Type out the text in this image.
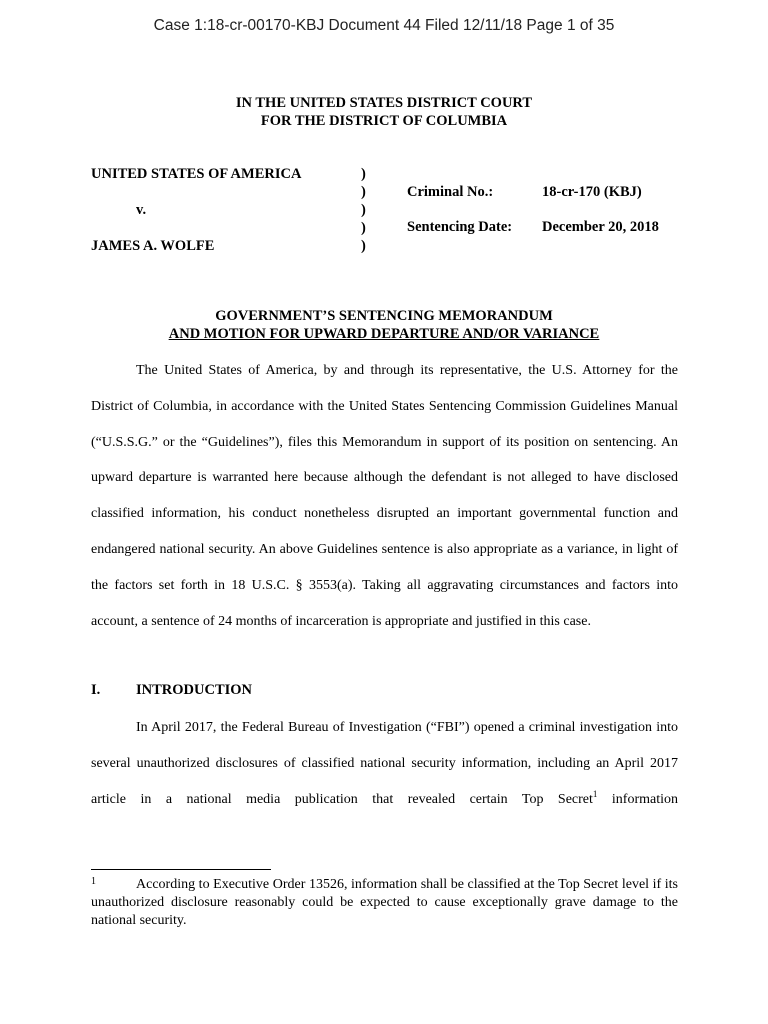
Case 1:18-cr-00170-KBJ Document 44 Filed 12/11/18 Page 1 of 35
IN THE UNITED STATES DISTRICT COURT
FOR THE DISTRICT OF COLUMBIA
UNITED STATES OF AMERICA
v.
JAMES A. WOLFE
)
)
)
)
)
Criminal No.:	18-cr-170 (KBJ)
Sentencing Date: December 20, 2018
GOVERNMENT’S SENTENCING MEMORANDUM
AND MOTION FOR UPWARD DEPARTURE AND/OR VARIANCE

The United States of America, by and through its representative, the U.S. Attorney for the District of Columbia, in accordance with the United States Sentencing Commission Guidelines Manual (“U.S.S.G.” or the “Guidelines”), files this Memorandum in support of its position on sentencing. An upward departure is warranted here because although the defendant is not alleged to have disclosed classified information, his conduct nonetheless disrupted an important governmental function and endangered national security. An above Guidelines sentence is also appropriate as a variance, in light of the factors set forth in 18 U.S.C. § 3553(a). Taking all aggravating circumstances and factors into account, a sentence of 24 months of incarceration is appropriate and justified in this case.

I. INTRODUCTION

In April 2017, the Federal Bureau of Investigation (“FBI”) opened a criminal investigation into several unauthorized disclosures of classified national security information, including an April 2017 article in a national media publication that revealed certain Top Secret$^1$ information

1	According to Executive Order 13526, information shall be classified at the Top Secret level if its unauthorized disclosure reasonably could be expected to cause exceptionally grave damage to the national security.
